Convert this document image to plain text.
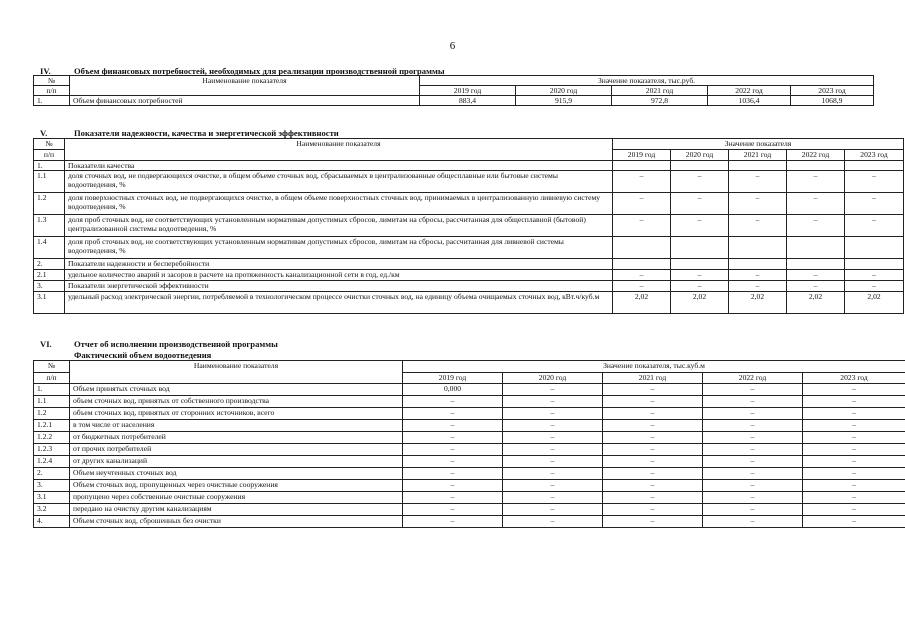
6
IV.	Объем финансовых потребностей, необходимых для реализации производственной программы
№	Наименование показателя	Значение показателя, тыс.руб.				
п/п		2019 год	2020 год	2021 год	2022 год	2023 год
1.	Объем финансовых потребностей	883,4	915,9	972,8	1036,4	1068,9
V.	Показатели надежности, качества и энергетической эффективности
№	Наименование показателя	Значение показателя				
п/п		2019 год	2020 год	2021 год	2022 год	2023 год
1.	Показатели качества					
1.1	доля сточных вод, не подвергающихся очистке, в общем объеме сточных вод, сбрасываемых в централизованные общесплавные или бытовые системы водоотведения, %	–	–	–	–	–
1.2	доля поверхностных сточных вод, не подвергающихся очистке, в общем объеме поверхностных сточных вод, принимаемых в централизованную ливневую систему водоотведения, %	–	–	–	–	–
1.3	доля проб сточных вод, не соответствующих установленным нормативам допустимых сбросов, лимитам на сбросы, рассчитанная для общесплавной (бытовой) централизованной системы водоотведения, %	–	–	–	–	–
1.4	доля проб сточных вод, не соответствующих установленным нормативам допустимых сбросов, лимитам на сбросы, рассчитанная для ливневой системы водоотведения, %					
2.	Показатели надежности и бесперебойности					
2.1	удельное количество аварий и засоров в расчете на протяженность канализационной сети в год, ед./км	–	–	–	–	–
3.	Показатели энергетической эффективности	–	–	–	–	–
3.1	удельный расход электрической энергии, потребляемой в технологическом процессе очистки сточных вод, на единицу объема очищаемых сточных вод, кВт.ч/куб.м	2,02	2,02	2,02	2,02	2,02
VI.	Отчет об исполнении производственной программы
Фактический объем водоотведения
№	Наименование показателя	Значение показателя, тыс.куб.м				
п/п		2019 год	2020 год	2021 год	2022 год	2023 год
1.	Объем принятых сточных вод	0,000	–	–	–	–
1.1	объем сточных вод, принятых от собственного производства	–	–	–	–	–
1.2	объем сточных вод, принятых от сторонних источников, всего	–	–	–	–	–
1.2.1	в том числе от населения	–	–	–	–	–
1.2.2	от бюджетных потребителей	–	–	–	–	–
1.2.3	от прочих потребителей	–	–	–	–	–
1.2.4	от других канализаций	–	–	–	–	–
2.	Объем неучтенных сточных вод	–	–	–	–	–
3.	Объем сточных вод, пропущенных через очистные сооружения	–	–	–	–	–
3.1	пропущено через собственные очистные сооружения	–	–	–	–	–
3.2	передано на очистку другим канализациям	–	–	–	–	–
4.	Объем сточных вод, сброшенных без очистки	–	–	–	–	–
